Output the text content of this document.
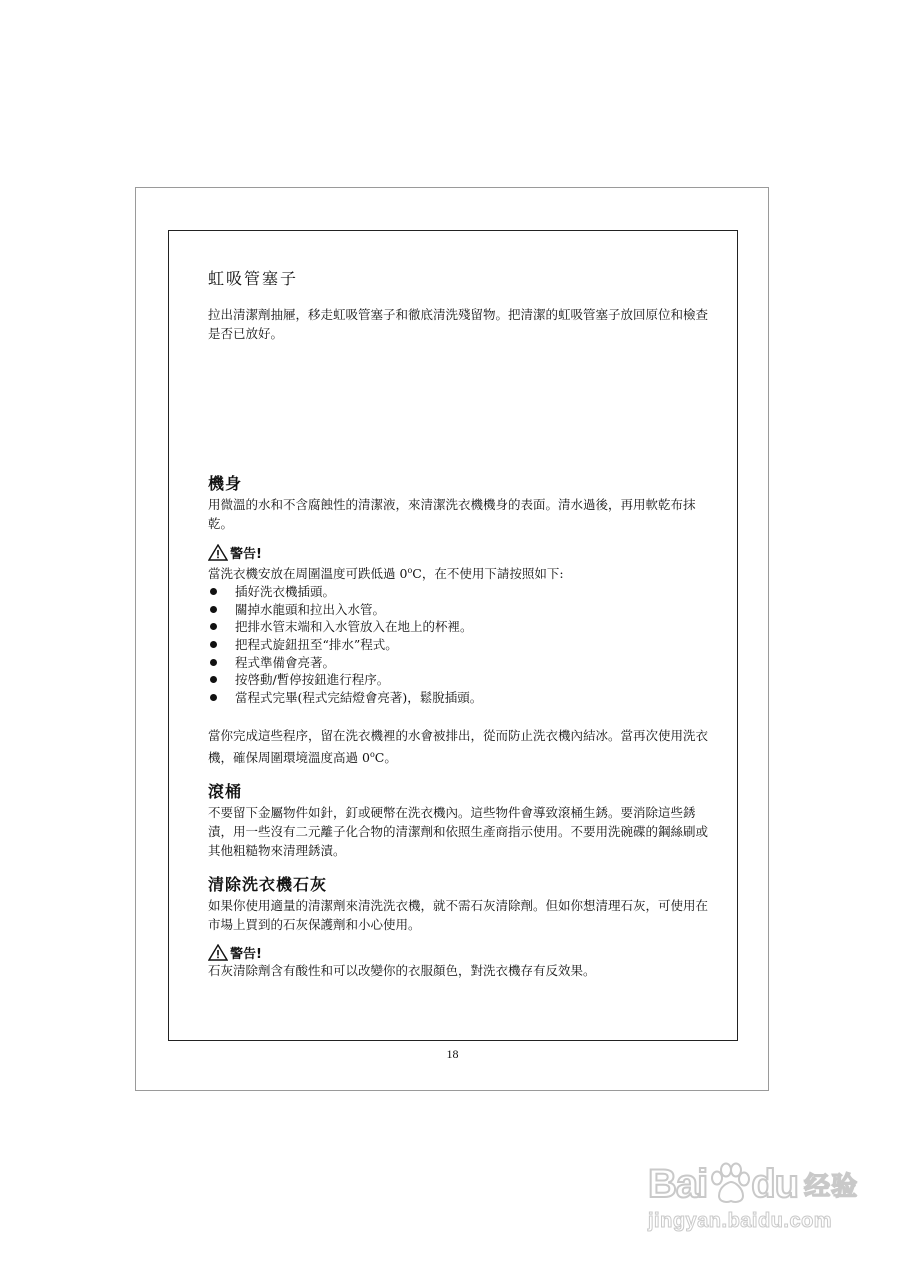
虹吸管塞子

拉出清潔劑抽屜，移走虹吸管塞子和徹底清洗殘留物。把清潔的虹吸管塞子放回原位和檢查是否已放好。

機身

用微溫的水和不含腐蝕性的清潔液，來清潔洗衣機機身的表面。清水過後，再用軟乾布抹乾。

警告!

當洗衣機安放在周圍溫度可跌低過 0$^o$C，在不使用下請按照如下:

插好洗衣機插頭。
關掉水龍頭和拉出入水管。
把排水管末端和入水管放入在地上的杯裡。
把程式旋鈕扭至“排水”程式。
程式準備會亮著。
按啓動/暫停按鈕進行程序。
當程式完畢(程式完結燈會亮著)，鬆脫插頭。

當你完成這些程序，留在洗衣機裡的水會被排出，從而防止洗衣機內結冰。當再次使用洗衣機，確保周圍環境溫度高過 0$^o$C。

滾桶

不要留下金屬物件如針，釘或硬幣在洗衣機內。這些物件會導致滾桶生銹。要消除這些銹漬，用一些沒有二元離子化合物的清潔劑和依照生產商指示使用。不要用洗碗碟的鋼絲刷或其他粗糙物來清理銹漬。

清除洗衣機石灰

如果你使用適量的清潔劑來清洗洗衣機，就不需石灰清除劑。但如你想清理石灰，可使用在市場上買到的石灰保護劑和小心使用。

警告!

石灰清除劑含有酸性和可以改變你的衣服顏色，對洗衣機存有反效果。

18
Bai du 经验
jingyan.baidu.com
